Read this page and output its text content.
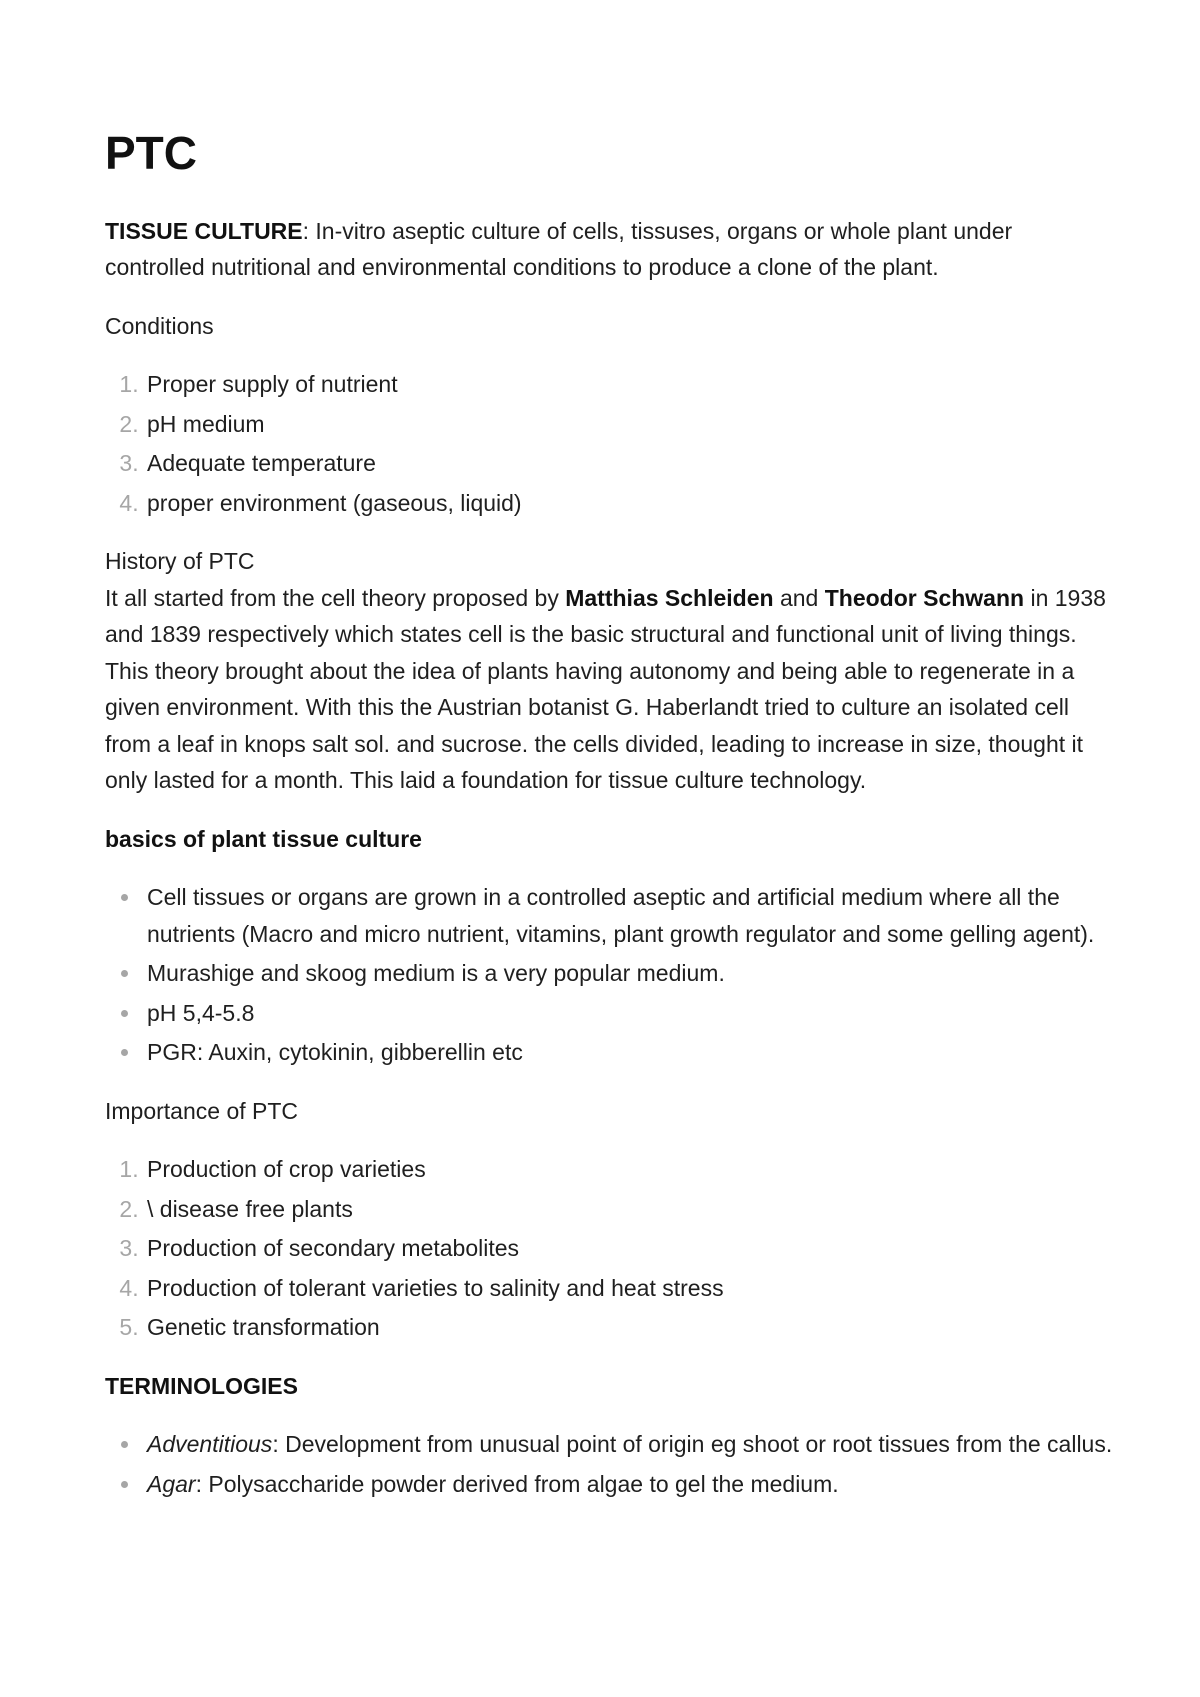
PTC

TISSUE CULTURE: In-vitro aseptic culture of cells, tissuses, organs or whole plant under controlled nutritional and environmental conditions to produce a clone of the plant.

Conditions

1. Proper supply of nutrient
2. pH medium
3. Adequate temperature
4. proper environment (gaseous, liquid)

History of PTC

It all started from the cell theory proposed by Matthias Schleiden and Theodor Schwann in 1938 and 1839 respectively which states cell is the basic structural and functional unit of living things.

This theory brought about the idea of plants having autonomy and being able to regenerate in a given environment. With this the Austrian botanist G. Haberlandt tried to culture an isolated cell from a leaf in knops salt sol. and sucrose. the cells divided, leading to increase in size, thought it only lasted for a month. This laid a foundation for tissue culture technology.

basics of plant tissue culture

Cell tissues or organs are grown in a controlled aseptic and artificial medium where all the nutrients (Macro and micro nutrient, vitamins, plant growth regulator and some gelling agent).
Murashige and skoog medium is a very popular medium.
pH 5,4-5.8
PGR: Auxin, cytokinin, gibberellin etc

Importance of PTC

1. Production of crop varieties
2. \ disease free plants
3. Production of secondary metabolites
4. Production of tolerant varieties to salinity and heat stress
5. Genetic transformation

TERMINOLOGIES

Adventitious: Development from unusual point of origin eg shoot or root tissues from the callus.
Agar: Polysaccharide powder derived from algae to gel the medium.
